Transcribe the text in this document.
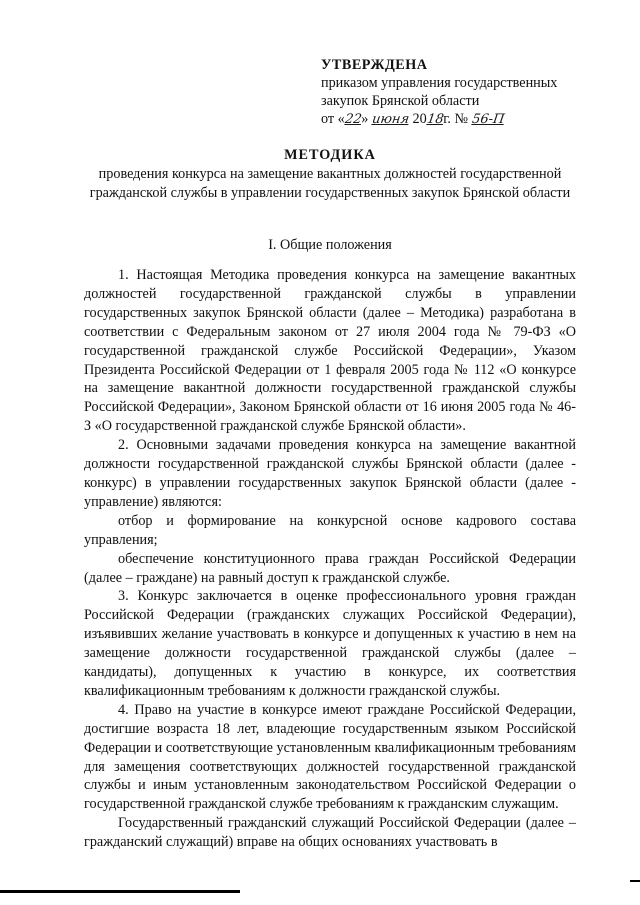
УТВЕРЖДЕНА
приказом управления государственных
закупок Брянской области
от «22» июня 2018г. № 56-П
МЕТОДИКА
проведения конкурса на замещение вакантных должностей государственной гражданской службы в управлении государственных закупок Брянской области
I. Общие положения

1. Настоящая Методика проведения конкурса на замещение вакантных должностей государственной гражданской службы в управлении государственных закупок Брянской области (далее – Методика) разработана в соответствии с Федеральным законом от 27 июля 2004 года № 79-ФЗ «О государственной гражданской службе Российской Федерации», Указом Президента Российской Федерации от 1 февраля 2005 года № 112 «О конкурсе на замещение вакантной должности государственной гражданской службы Российской Федерации», Законом Брянской области от 16 июня 2005 года № 46-З «О государственной гражданской службе Брянской области».

2. Основными задачами проведения конкурса на замещение вакантной должности государственной гражданской службы Брянской области (далее - конкурс) в управлении государственных закупок Брянской области (далее - управление) являются:

отбор и формирование на конкурсной основе кадрового состава управления;

обеспечение конституционного права граждан Российской Федерации (далее – граждане) на равный доступ к гражданской службе.

3. Конкурс заключается в оценке профессионального уровня граждан Российской Федерации (гражданских служащих Российской Федерации), изъявивших желание участвовать в конкурсе и допущенных к участию в нем на замещение должности государственной гражданской службы (далее – кандидаты), допущенных к участию в конкурсе, их соответствия квалификационным требованиям к должности гражданской службы.

4. Право на участие в конкурсе имеют граждане Российской Федерации, достигшие возраста 18 лет, владеющие государственным языком Российской Федерации и соответствующие установленным квалификационным требованиям для замещения соответствующих должностей государственной гражданской службы и иным установленным законодательством Российской Федерации о государственной гражданской службе требованиям к гражданским служащим.

Государственный гражданский служащий Российской Федерации (далее – гражданский служащий) вправе на общих основаниях участвовать в
